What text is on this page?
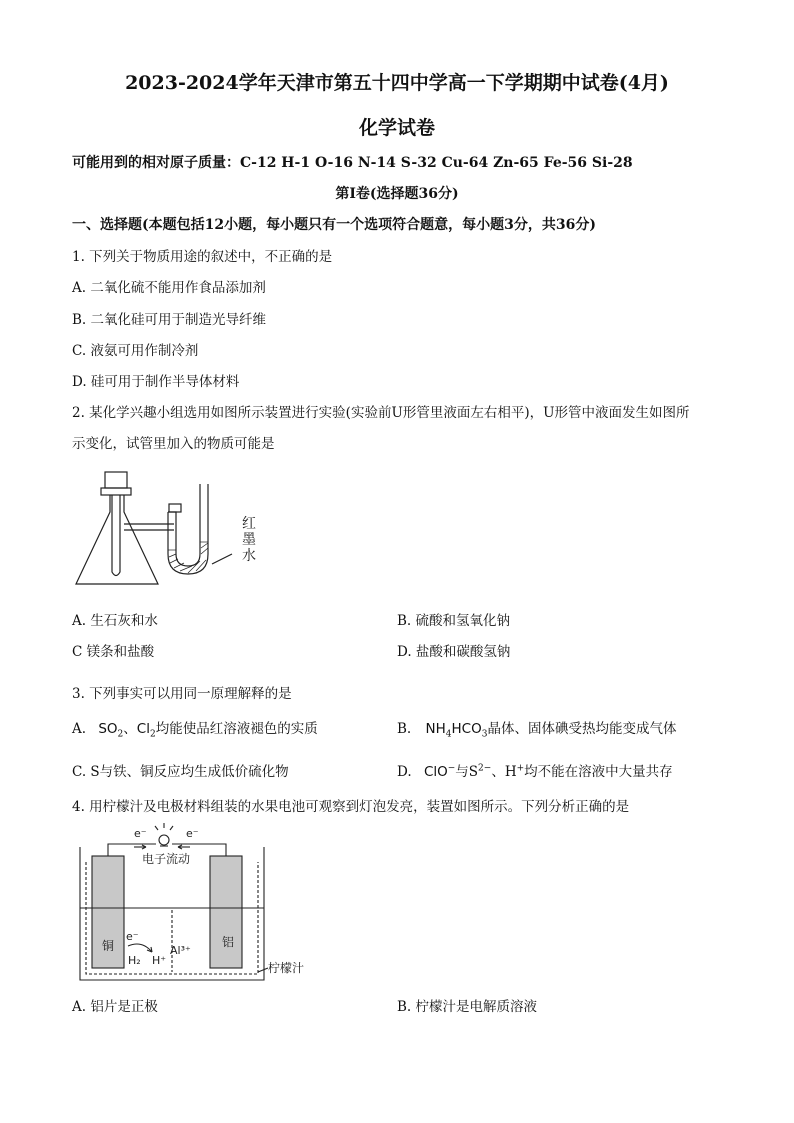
2023-2024学年天津市第五十四中学高一下学期期中试卷(4月)
化学试卷
可能用到的相对原子质量：C-12 H-1 O-16 N-14 S-32 Cu-64 Zn-65 Fe-56 Si-28
第Ⅰ卷(选择题36分)
一、选择题(本题包括12小题，每小题只有一个选项符合题意，每小题3分，共36分)
1. 下列关于物质用途的叙述中，不正确的是
A. 二氧化硫不能用作食品添加剂
B. 二氧化硅可用于制造光导纤维
C. 液氨可用作制冷剂
D. 硅可用于制作半导体材料
2. 某化学兴趣小组选用如图所示装置进行实验(实验前U形管里液面左右相平)，U形管中液面发生如图所
示变化，试管里加入的物质可能是
红
墨
水
A. 生石灰和水	B. 硫酸和氢氧化钠
C 镁条和盐酸	D. 盐酸和碳酸氢钠
3. 下列事实可以用同一原理解释的是
A. $SO_2$、$Cl_2$均能使品红溶液褪色的实质	B. $NH_4HCO_3$晶体、固体碘受热均能变成气体
C. S与铁、铜反应均生成低价硫化物	D. ClO−与$S^{2-}$、H+均不能在溶液中大量共存
4. 用柠檬汁及电极材料组装的水果电池可观察到灯泡发亮，装置如图所示。下列分析正确的是
e⁻	e⁻
电子流动
铜	铝
e⁻
Al³⁺
H₂ H⁺
柠檬汁
A. 铝片是正极	B. 柠檬汁是电解质溶液
